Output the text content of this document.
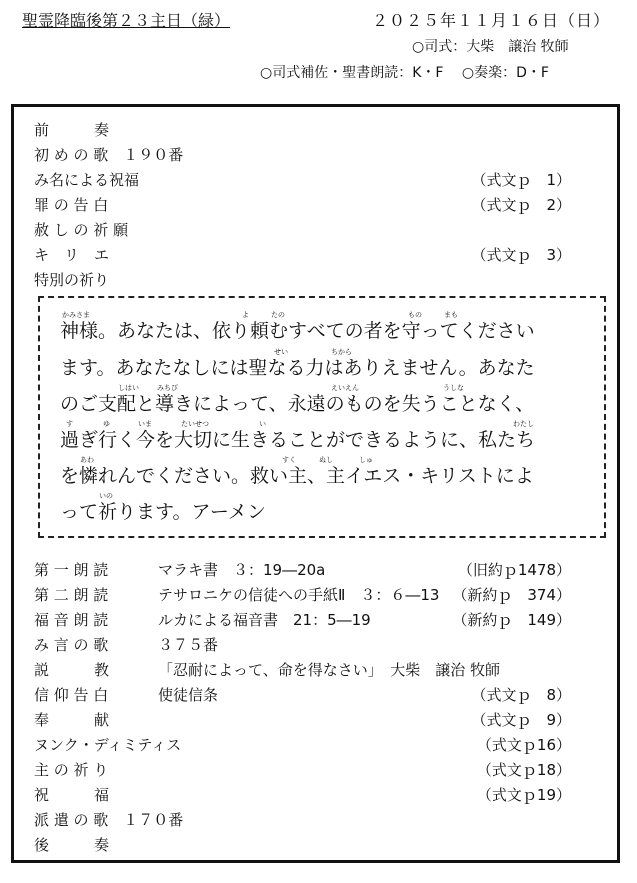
聖霊降臨後第２３主日（緑）	２０２５年１１月１６日（日）
○司式：大柴　譲治 牧師
○司式補佐・聖書朗読：K・F　 ○奏楽：D・F
前　　　奏
初 め の 歌　１９０番
み名による祝福	（式文ｐ　1）
罪 の 告 白	（式文ｐ　2）
赦 し の 祈 願
キ　リ　エ	（式文ｐ　3）
特別の祈り
かみさま	よ	たの	もの	まも
神様。あなたは、依り頼むすべての者を守ってください
せい	ちから
ます。あなたなしには聖なる力はありえません。あなた
しはい	みちび	えいえん	うしな
のご支配と導きによって、永遠のものを失うことなく、
す	ゆ	いま	たいせつ	い	わたし
過ぎ行く今を大切に生きることができるように、私たち
あわ	すく	ぬし	しゅ
を憐れんでください。救い主、主イエス・キリストによ
いの
って祈ります。アーメン
第 一 朗 読	マラキ書　３：19―20a	（旧約ｐ1478）
第 二 朗 読	テサロニケの信徒への手紙Ⅱ　３：６―13 （新約ｐ　374）
福 音 朗 読	ルカによる福音書　21：5―19	（新約ｐ　149）
み 言 の 歌	３７５番
説　　　教	「忍耐によって、命を得なさい」　大柴　譲治 牧師
信 仰 告 白	使徒信条	（式文ｐ　8）
奉　　　献	（式文ｐ　9）
ヌンク・ディミティス	（式文ｐ16）
主 の 祈 り	（式文ｐ18）
祝　　　福	（式文ｐ19）
派 遣 の 歌　１７０番
後　　　奏
